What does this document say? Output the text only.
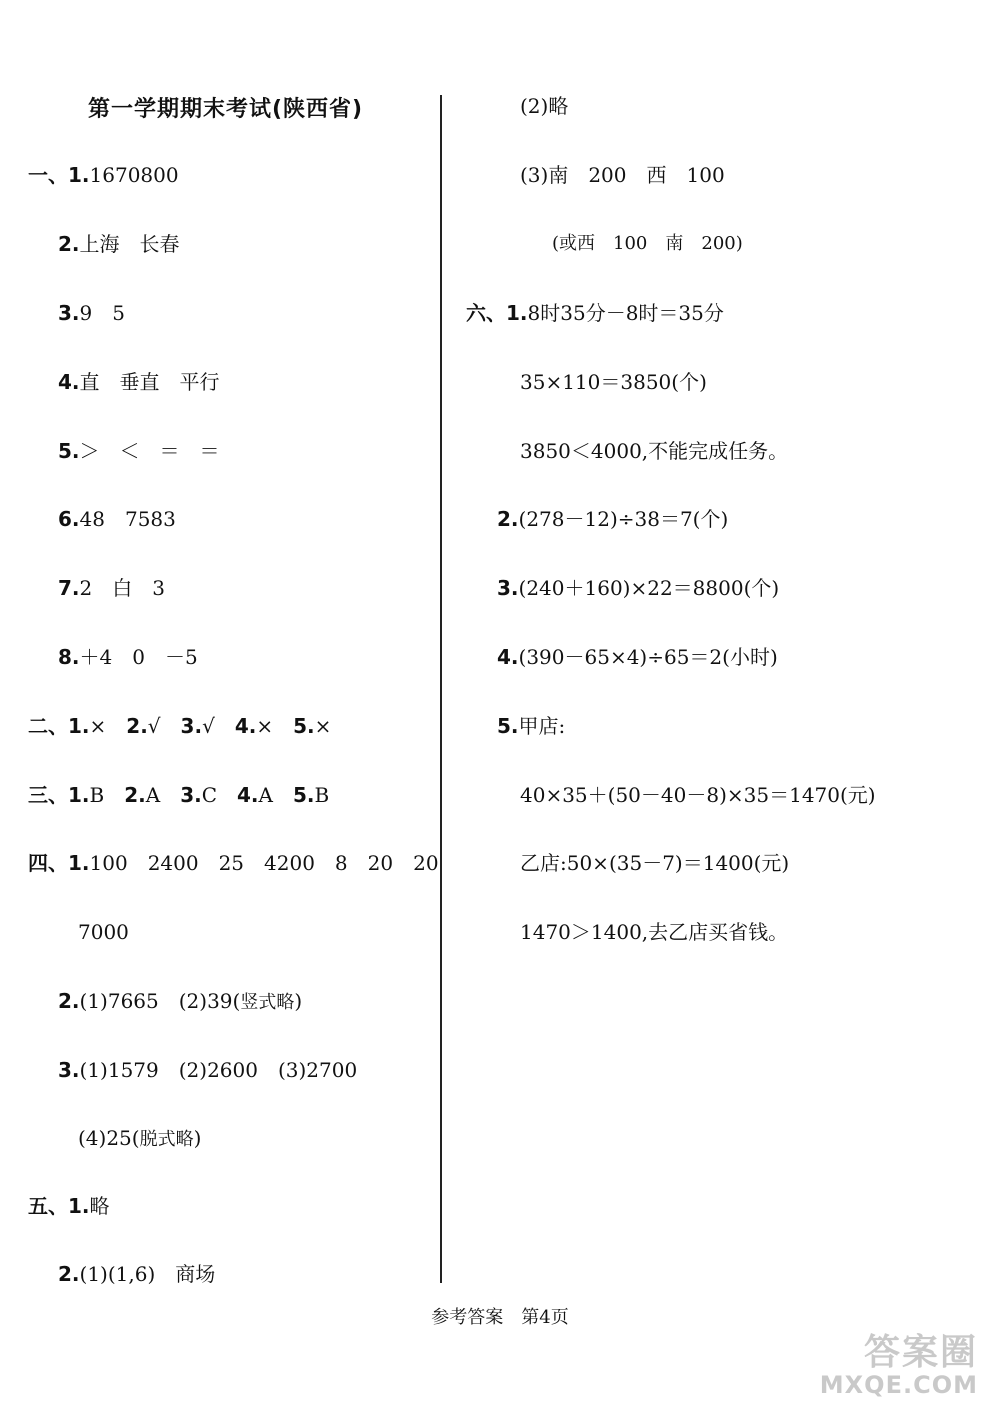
第一学期期末考试(陕西省)
一、1.1670800
2.上海　长春
3.9　5
4.直　垂直　平行
5.＞　＜　＝　＝
6.48　7583
7.2　白　3
8.＋4　0　－5
二、1.×　 2.√　 3.√　 4.×　 5.×
三、1.B　 2.A　 3.C　 4.A　 5.B
四、1.100　2400　25　4200　8　20　20
7000
2.(1)7665　(2)39(竖式略)
3.(1)1579　(2)2600　(3)2700
(4)25(脱式略)
五、1.略
2.(1)(1,6)　商场
(2)略
(3)南　200　西　100
(或西　100　南　200)
六、1.8时35分－8时＝35分
35×110＝3850(个)
3850＜4000,不能完成任务。
2.(278－12)÷38＝7(个)
3.(240＋160)×22＝8800(个)
4.(390－65×4)÷65＝2(小时)
5.甲店:
40×35＋(50－40－8)×35＝1470(元)
乙店:50×(35－7)＝1400(元)
1470＞1400,去乙店买省钱。
参考答案　第4页
答案圈
MXQE.COM
